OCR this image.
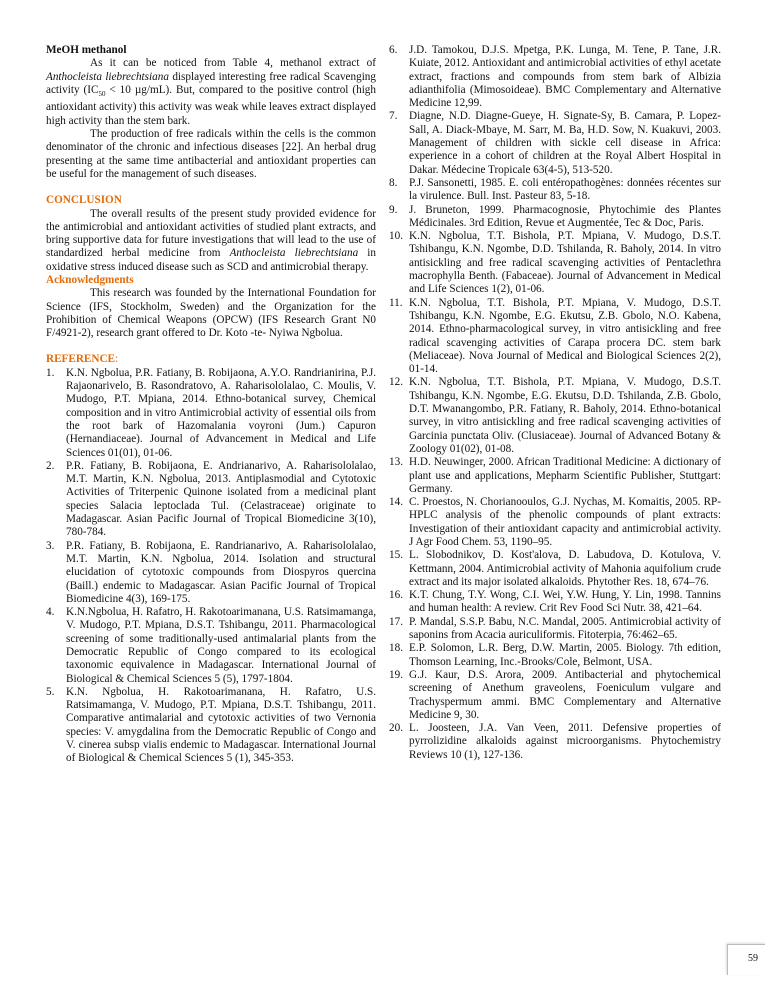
MeOH methanol

As it can be noticed from Table 4, methanol extract of Anthocleista liebrechtsiana displayed interesting free radical Scavenging activity ($IC_{50} < 10$ µg/mL). But, compared to the positive control (high antioxidant activity) this activity was weak while leaves extract displayed high activity than the stem bark.

The production of free radicals within the cells is the common denominator of the chronic and infectious diseases [22]. An herbal drug presenting at the same time antibacterial and antioxidant properties can be useful for the management of such diseases.

CONCLUSION

The overall results of the present study provided evidence for the antimicrobial and antioxidant activities of studied plant extracts, and bring supportive data for future investigations that will lead to the use of standardized herbal medicine from Anthocleista liebrechtsiana in oxidative stress induced disease such as SCD and antimicrobial therapy.

Acknowledgments

This research was founded by the International Foundation for Science (IFS, Stockholm, Sweden) and the Organization for the Prohibition of Chemical Weapons (OPCW) (IFS Research Grant N0 F/4921-2), research grant offered to Dr. Koto -te- Nyiwa Ngbolua.

REFERENCE:

1.	K.N. Ngbolua, P.R. Fatiany, B. Robijaona, A.Y.O. Randrianirina, P.J. Rajaonarivelo, B. Rasondratovo, A. Raharisololalao, C. Moulis, V. Mudogo, P.T. Mpiana, 2014. Ethno-botanical survey, Chemical composition and in vitro Antimicrobial activity of essential oils from the root bark of Hazomalania voyroni (Jum.) Capuron (Hernandiaceae). Journal of Advancement in Medical and Life Sciences 01(01), 01-06.

2.	P.R. Fatiany, B. Robijaona, E. Andrianarivo, A. Raharisololalao, M.T. Martin, K.N. Ngbolua, 2013. Antiplasmodial and Cytotoxic Activities of Triterpenic Quinone isolated from a medicinal plant species Salacia leptoclada Tul. (Celastraceae) originate to Madagascar. Asian Pacific Journal of Tropical Biomedicine 3(10), 780-784.

3.	P.R. Fatiany, B. Robijaona, E. Randrianarivo, A. Raharisololalao, M.T. Martin, K.N. Ngbolua, 2014. Isolation and structural elucidation of cytotoxic compounds from Diospyros quercina (Baill.) endemic to Madagascar. Asian Pacific Journal of Tropical Biomedicine 4(3), 169-175.

4.	K.N.Ngbolua, H. Rafatro, H. Rakotoarimanana, U.S. Ratsimamanga, V. Mudogo, P.T. Mpiana, D.S.T. Tshibangu, 2011. Pharmacological screening of some traditionally-used antimalarial plants from the Democratic Republic of Congo compared to its ecological taxonomic equivalence in Madagascar. International Journal of Biological & Chemical Sciences 5 (5), 1797-1804.

5.	K.N. Ngbolua, H. Rakotoarimanana, H. Rafatro, U.S. Ratsimamanga, V. Mudogo, P.T. Mpiana, D.S.T. Tshibangu, 2011. Comparative antimalarial and cytotoxic activities of two Vernonia species: V. amygdalina from the Democratic Republic of Congo and V. cinerea subsp vialis endemic to Madagascar. International Journal of Biological & Chemical Sciences 5 (1), 345-353.

6.	J.D. Tamokou, D.J.S. Mpetga, P.K. Lunga, M. Tene, P. Tane, J.R. Kuiate, 2012. Antioxidant and antimicrobial activities of ethyl acetate extract, fractions and compounds from stem bark of Albizia adianthifolia (Mimosoideae). BMC Complementary and Alternative Medicine 12,99.

7.	Diagne, N.D. Diagne-Gueye, H. Signate-Sy, B. Camara, P. Lopez-Sall, A. Diack-Mbaye, M. Sarr, M. Ba, H.D. Sow, N. Kuakuvi, 2003. Management of children with sickle cell disease in Africa: experience in a cohort of children at the Royal Albert Hospital in Dakar. Médecine Tropicale 63(4-5), 513-520.

8.	P.J. Sansonetti, 1985. E. coli entéropathogènes: données récentes sur la virulence. Bull. Inst. Pasteur 83, 5-18.

9.	J. Bruneton, 1999. Pharmacognosie, Phytochimie des Plantes Médicinales. 3rd Edition, Revue et Augmentée, Tec & Doc, Paris.

10. K.N. Ngbolua, T.T. Bishola, P.T. Mpiana, V. Mudogo, D.S.T. Tshibangu, K.N. Ngombe, D.D. Tshilanda, R. Baholy, 2014. In vitro antisickling and free radical scavenging activities of Pentaclethra macrophylla Benth. (Fabaceae). Journal of Advancement in Medical and Life Sciences 1(2), 01-06.

11. K.N. Ngbolua, T.T. Bishola, P.T. Mpiana, V. Mudogo, D.S.T. Tshibangu, K.N. Ngombe, E.G. Ekutsu, Z.B. Gbolo, N.O. Kabena, 2014. Ethno-pharmacological survey, in vitro antisickling and free radical scavenging activities of Carapa procera DC. stem bark (Meliaceae). Nova Journal of Medical and Biological Sciences 2(2), 01-14.

12. K.N. Ngbolua, T.T. Bishola, P.T. Mpiana, V. Mudogo, D.S.T. Tshibangu, K.N. Ngombe, E.G. Ekutsu, D.D. Tshilanda, Z.B. Gbolo, D.T. Mwanangombo, P.R. Fatiany, R. Baholy, 2014. Ethno-botanical survey, in vitro antisickling and free radical scavenging activities of Garcinia punctata Oliv. (Clusiaceae). Journal of Advanced Botany & Zoology 01(02), 01-08.

13. H.D. Neuwinger, 2000. African Traditional Medicine: A dictionary of plant use and applications, Mepharm Scientific Publisher, Stuttgart: Germany.

14. C. Proestos, N. Chorianooulos, G.J. Nychas, M. Komaitis, 2005. RP-HPLC analysis of the phenolic compounds of plant extracts: Investigation of their antioxidant capacity and antimicrobial activity. J Agr Food Chem. 53, 1190–95.

15. L. Slobodnikov, D. Kost'alova, D. Labudova, D. Kotulova, V. Kettmann, 2004. Antimicrobial activity of Mahonia aquifolium crude extract and its major isolated alkaloids. Phytother Res. 18, 674–76.

16. K.T. Chung, T.Y. Wong, C.I. Wei, Y.W. Hung, Y. Lin, 1998. Tannins and human health: A review. Crit Rev Food Sci Nutr. 38, 421–64.

17. P. Mandal, S.S.P. Babu, N.C. Mandal, 2005. Antimicrobial activity of saponins from Acacia auriculiformis. Fitoterpia, 76:462–65.

18. E.P. Solomon, L.R. Berg, D.W. Martin, 2005. Biology. 7th edition, Thomson Learning, Inc.-Brooks/Cole, Belmont, USA.

19. G.J. Kaur, D.S. Arora, 2009. Antibacterial and phytochemical screening of Anethum graveolens, Foeniculum vulgare and Trachyspermum ammi. BMC Complementary and Alternative Medicine 9, 30.

20. L. Joosteen, J.A. Van Veen, 2011. Defensive properties of pyrrolizidine alkaloids against microorganisms. Phytochemistry Reviews 10 (1), 127-136.

59
